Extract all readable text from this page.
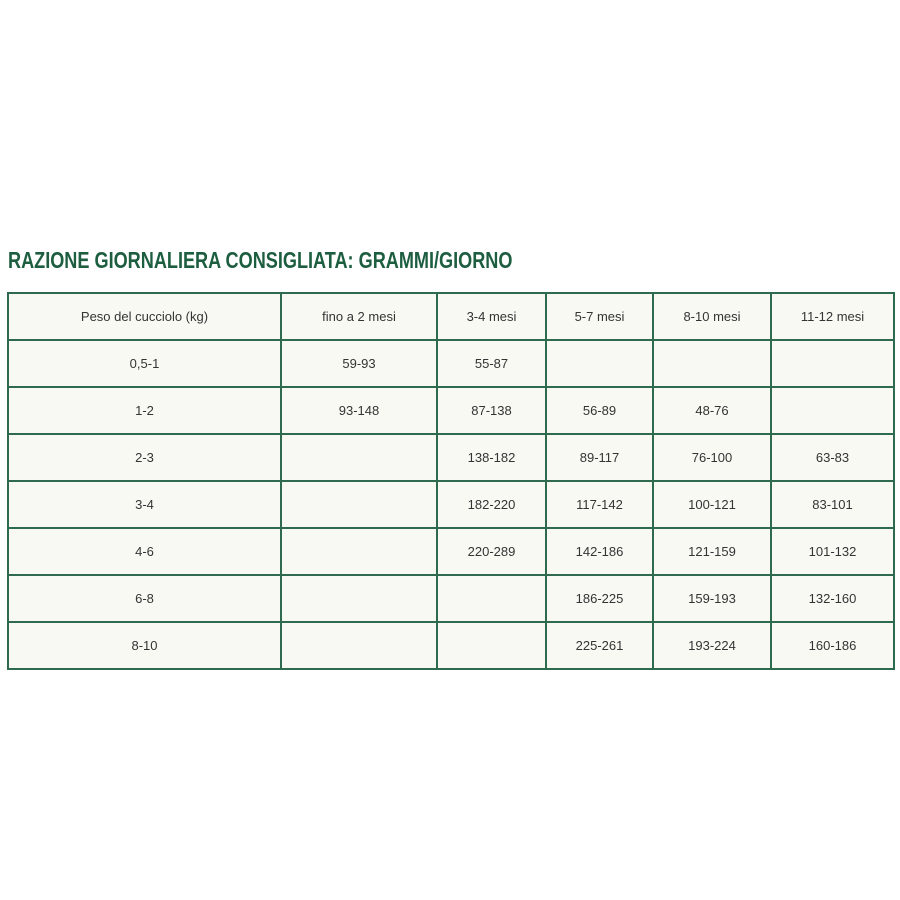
RAZIONE GIORNALIERA CONSIGLIATA: GRAMMI/GIORNO
Peso del cucciolo (kg)	fino a 2 mesi	3-4 mesi	5-7 mesi	8-10 mesi	11-12 mesi
0,5-1	59-93	55-87			
1-2	93-148	87-138	56-89	48-76	
2-3		138-182	89-117	76-100	63-83
3-4		182-220	117-142	100-121	83-101
4-6		220-289	142-186	121-159	101-132
6-8			186-225	159-193	132-160
8-10			225-261	193-224	160-186
